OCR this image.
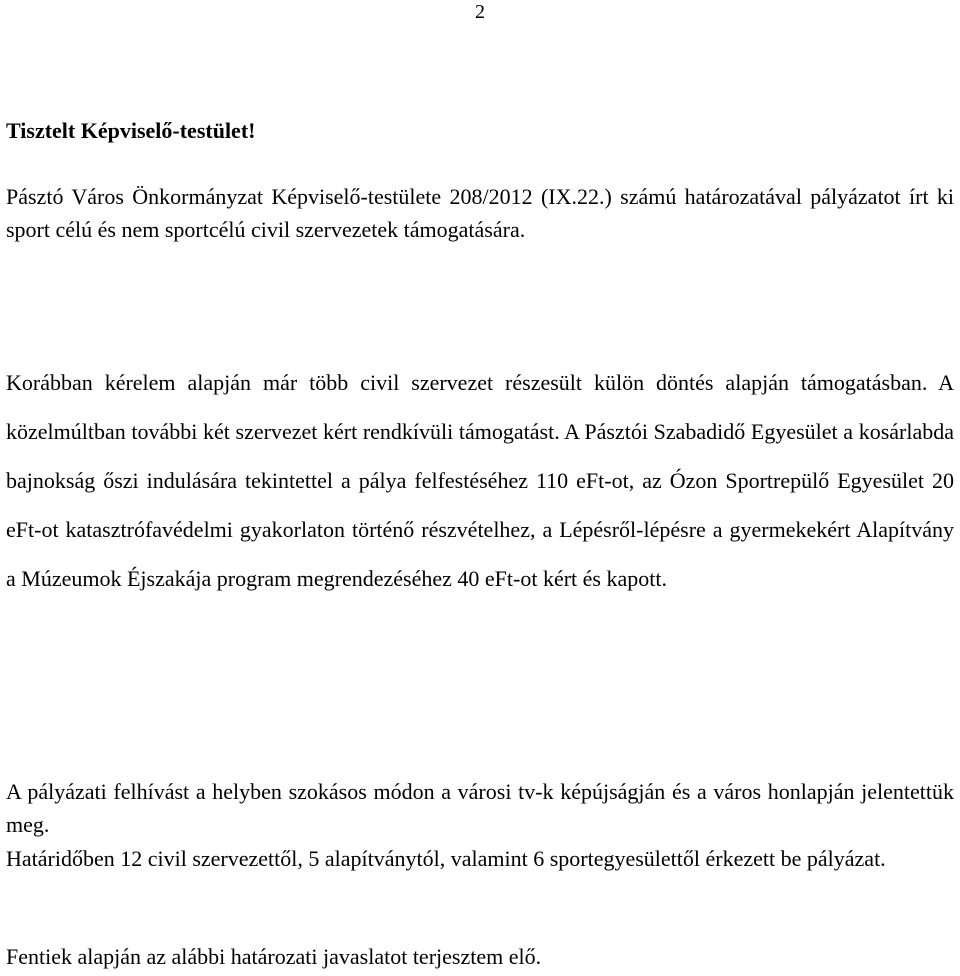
2
Tisztelt Képviselő-testület!

Pásztó Város Önkormányzat Képviselő-testülete 208/2012 (IX.22.) számú határozatával pályázatot írt ki sport célú és nem sportcélú civil szervezetek támogatására.

Korábban kérelem alapján már több civil szervezet részesült külön döntés alapján támogatásban. A közelmúltban további két szervezet kért rendkívüli támogatást. A Pásztói Szabadidő Egyesület a kosárlabda bajnokság őszi indulására tekintettel a pálya felfestéséhez 110 eFt-ot, az Ózon Sportrepülő Egyesület 20 eFt-ot katasztrófavédelmi gyakorlaton történő részvételhez, a Lépésről-lépésre a gyermekekért Alapítvány a Múzeumok Éjszakája program megrendezéséhez 40 eFt-ot kért és kapott.

A pályázati felhívást a helyben szokásos módon a városi tv-k képújságján és a város honlapján jelentettük meg.

Határidőben 12 civil szervezettől, 5 alapítványtól, valamint 6 sportegyesülettől érkezett be pályázat.

Fentiek alapján az alábbi határozati javaslatot terjesztem elő.
